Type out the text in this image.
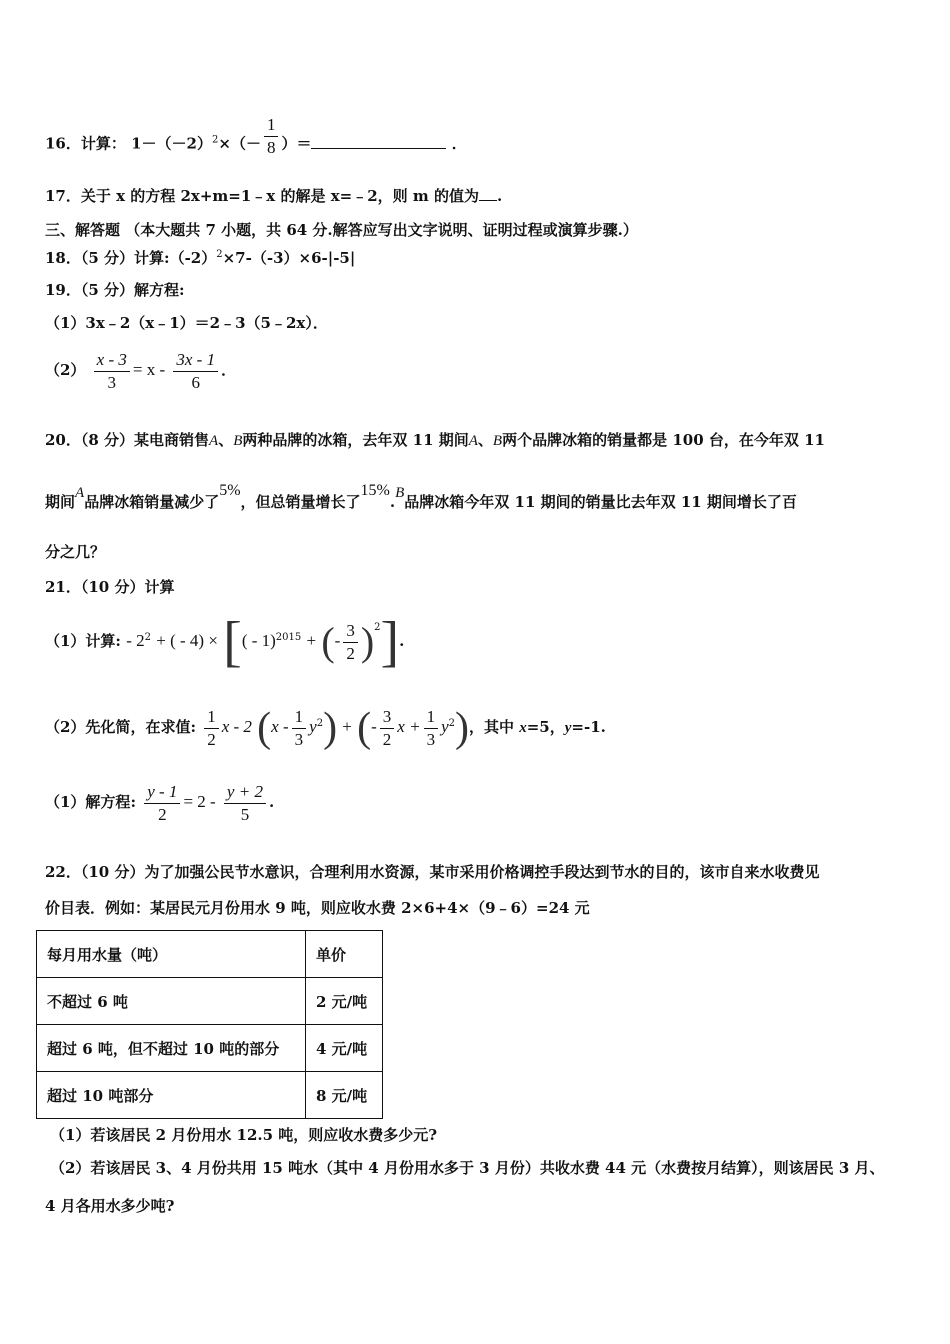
16．计算： $1-(-2)^2\times(- \frac{1}{8}$ ）＝	．
17．关于 x 的方程 2x+m=1﹣x 的解是 x=﹣2，则 m 的值为 .
三、解答题 （本大题共 7 小题，共 64 分.解答应写出文字说明、证明过程或演算步骤.）
18．（5 分）计算$:(-2)^2\times 7-(-3)\times 6-|-5|$
19．（5 分）解方程:
（1）3x﹣2（x﹣1）＝2﹣3（5﹣2x）．
$(2) \frac{x - 3}{3} = x - \frac{3x - 1}{6}$ ．
20．（8 分）某电商销售A、B两种品牌的冰箱，去年双 11 期间A、B两个品牌冰箱的销量都是 100 台，在今年双 11
期间A品牌冰箱销量减少了5%，但总销量增长了15%.B品牌冰箱今年双 11 期间的销量比去年双 11 期间增长了百
分之几？
21．（10 分）计算
（1）计算: - $2^2$ + ( - 4) × [( - 1)$^{2015}$ + (- $\frac{3}{2} )^2$].
（2）先化简，在求值: $\frac{1}{2}$ x - 2 $(x - \frac{1}{3} y^2)$ + (- $\frac{3}{2}$ $x + \frac{1}{3} y^2$)，其中 x=5，y=-1.
（1）解方程: $\frac{y - 1}{2} = 2 - \frac{y + 2}{5}$ .
22．（10 分）为了加强公民节水意识，合理利用水资源，某市采用价格调控手段达到节水的目的，该市自来水收费见
价目表．例如：某居民元月份用水 9 吨，则应收水费 2×6+4×（9﹣6）=24 元
每月用水量（吨）	单价
不超过 6 吨	2 元/吨
超过 6 吨，但不超过 10 吨的部分	4 元/吨
超过 10 吨部分	8 元/吨
（1）若该居民 2 月份用水 12.5 吨，则应收水费多少元?
（2）若该居民 3、4 月份共用 15 吨水（其中 4 月份用水多于 3 月份）共收水费 44 元（水费按月结算），则该居民 3 月、
4 月各用水多少吨?
